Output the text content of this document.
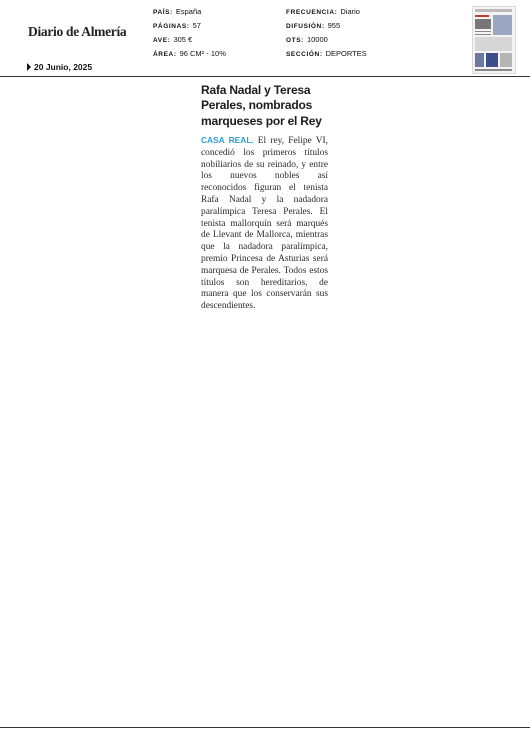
Diario de Almería
20 Junio, 2025
PAÍS: España
PÁGINAS: 57
AVE: 305 €
ÁREA: 96 CM² - 10%
FRECUENCIA: Diario
DIFUSIÓN: 955
OTS: 10000
SECCIÓN: DEPORTES
Rafa Nadal y Teresa Perales, nombrados marqueses por el Rey
CASA REAL. El rey, Felipe VI, concedió los primeros títulos nobiliarios de su reinado, y entre los nuevos nobles así reconocidos figuran el tenista Rafa Nadal y la nadadora paralímpica Teresa Perales. El tenista mallorquín será marqués de Llevant de Mallorca, mientras que la nadadora paralímpica, premio Princesa de Asturias será marquesa de Perales. Todos estos títulos son hereditarios, de manera que los conservarán sus descendientes.
